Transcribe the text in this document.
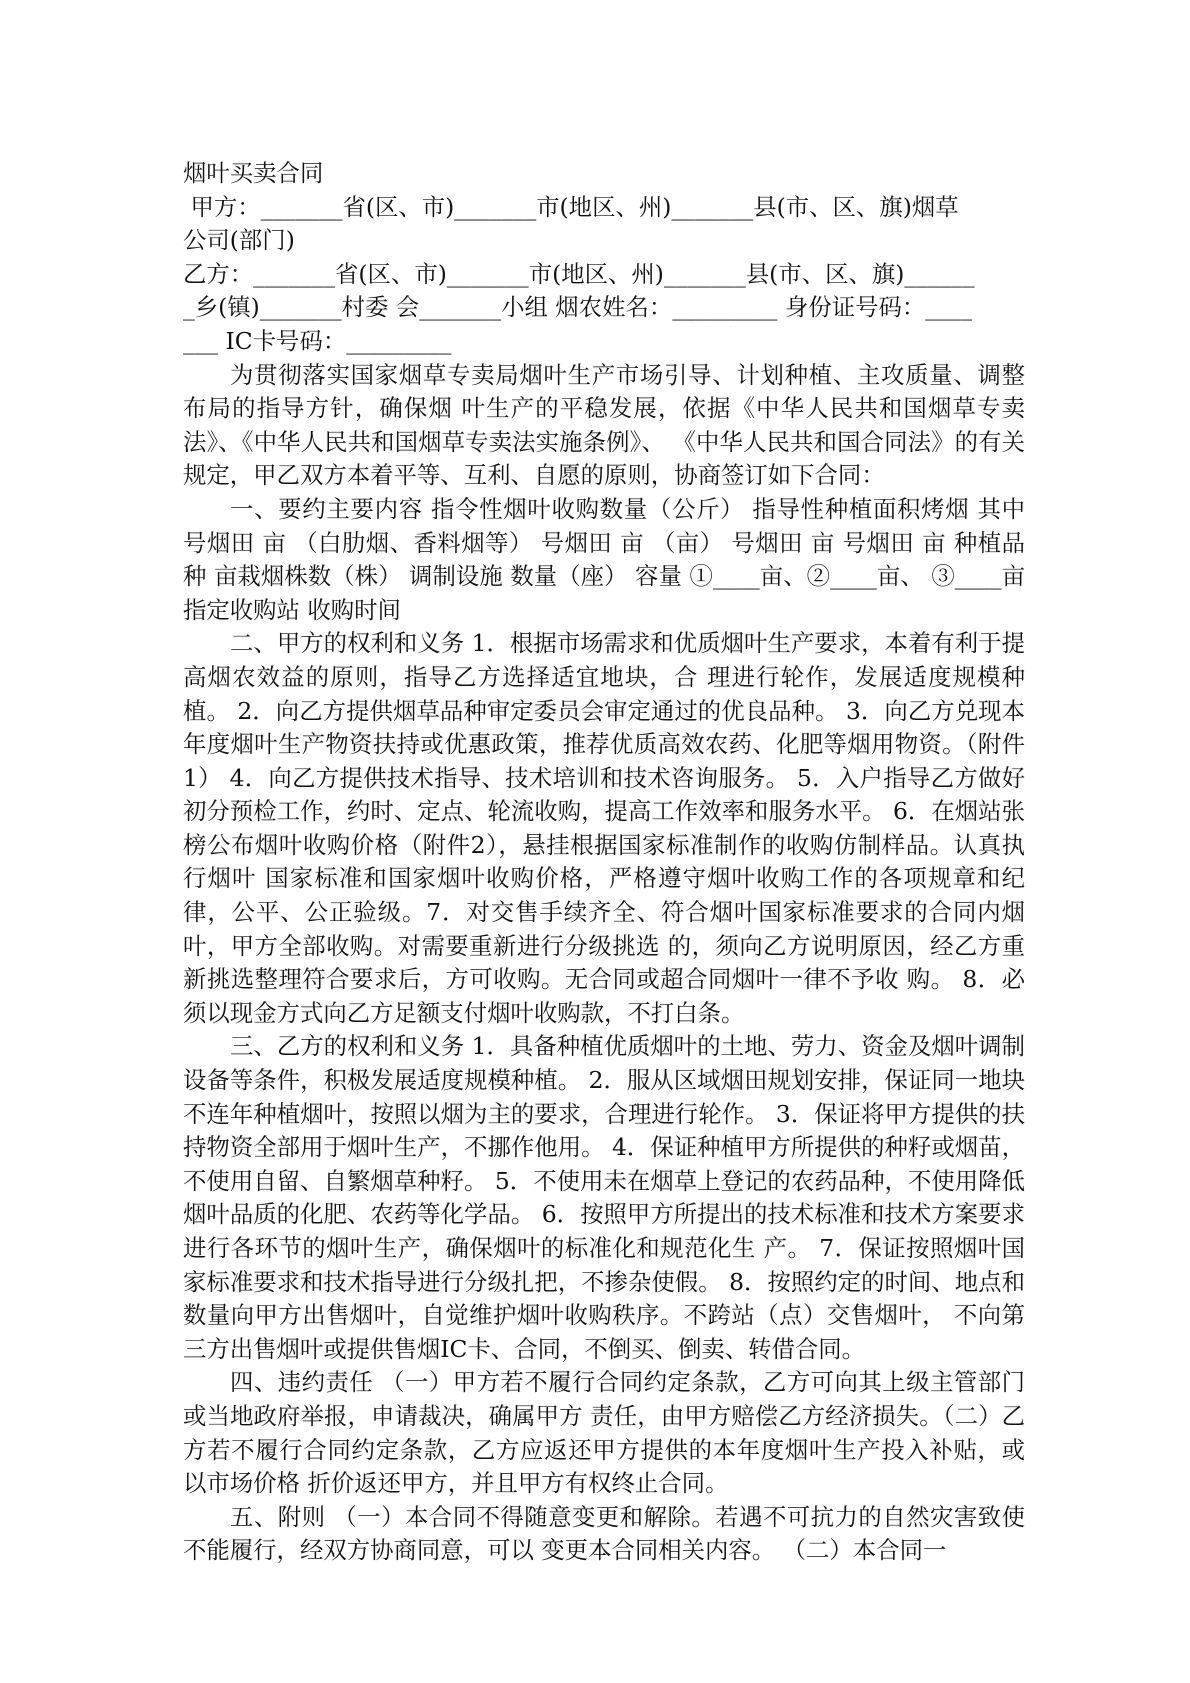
烟叶买卖合同
甲方：_______省(区、市)_______市(地区、州)_______县(市、区、旗)烟草
公司(部门)
乙方：_______省(区、市)_______市(地区、州)_______县(市、区、旗)______
_乡(镇)_______村委 会_______小组 烟农姓名：_________ 身份证号码：____
___ IC卡号码：_________
为贯彻落实国家烟草专卖局烟叶生产市场引导、计划种植、主攻质量、调整布局的指导方针，确保烟 叶生产的平稳发展，依据《中华人民共和国烟草专卖法》、《中华人民共和国烟草专卖法实施条例》、 《中华人民共和国合同法》的有关规定，甲乙双方本着平等、互利、自愿的原则，协商签订如下合同：
一、要约主要内容 指令性烟叶收购数量（公斤） 指导性种植面积烤烟 其中 号烟田 亩 （白肋烟、香料烟等） 号烟田 亩 （亩） 号烟田 亩 号烟田 亩 种植品种 亩栽烟株数（株） 调制设施 数量（座） 容量 ①____亩、②____亩、 ③____亩 指定收购站 收购时间
二、甲方的权利和义务 1．根据市场需求和优质烟叶生产要求，本着有利于提高烟农效益的原则，指导乙方选择适宜地块，合 理进行轮作，发展适度规模种植。 2．向乙方提供烟草品种审定委员会审定通过的优良品种。 3．向乙方兑现本年度烟叶生产物资扶持或优惠政策，推荐优质高效农药、化肥等烟用物资。（附件 1） 4．向乙方提供技术指导、技术培训和技术咨询服务。 5．入户指导乙方做好初分预检工作，约时、定点、轮流收购，提高工作效率和服务水平。 6．在烟站张榜公布烟叶收购价格（附件2），悬挂根据国家标准制作的收购仿制样品。认真执行烟叶 国家标准和国家烟叶收购价格，严格遵守烟叶收购工作的各项规章和纪律，公平、公正验级。7．对交售手续齐全、符合烟叶国家标准要求的合同内烟叶，甲方全部收购。对需要重新进行分级挑选 的，须向乙方说明原因，经乙方重新挑选整理符合要求后，方可收购。无合同或超合同烟叶一律不予收 购。 8．必须以现金方式向乙方足额支付烟叶收购款，不打白条。
三、乙方的权利和义务 1．具备种植优质烟叶的土地、劳力、资金及烟叶调制设备等条件，积极发展适度规模种植。 2．服从区域烟田规划安排，保证同一地块不连年种植烟叶，按照以烟为主的要求，合理进行轮作。 3．保证将甲方提供的扶持物资全部用于烟叶生产，不挪作他用。 4．保证种植甲方所提供的种籽或烟苗，不使用自留、自繁烟草种籽。 5．不使用未在烟草上登记的农药品种，不使用降低烟叶品质的化肥、农药等化学品。 6．按照甲方所提出的技术标准和技术方案要求进行各环节的烟叶生产，确保烟叶的标准化和规范化生 产。 7．保证按照烟叶国家标准要求和技术指导进行分级扎把，不掺杂使假。 8．按照约定的时间、地点和数量向甲方出售烟叶，自觉维护烟叶收购秩序。不跨站（点）交售烟叶， 不向第三方出售烟叶或提供售烟IC卡、合同，不倒买、倒卖、转借合同。
四、违约责任 （一）甲方若不履行合同约定条款，乙方可向其上级主管部门或当地政府举报，申请裁决，确属甲方 责任，由甲方赔偿乙方经济损失。（二）乙方若不履行合同约定条款，乙方应返还甲方提供的本年度烟叶生产投入补贴，或以市场价格 折价返还甲方，并且甲方有权终止合同。
五、附则 （一）本合同不得随意变更和解除。若遇不可抗力的自然灾害致使不能履行，经双方协商同意，可以 变更本合同相关内容。 （二）本合同一
